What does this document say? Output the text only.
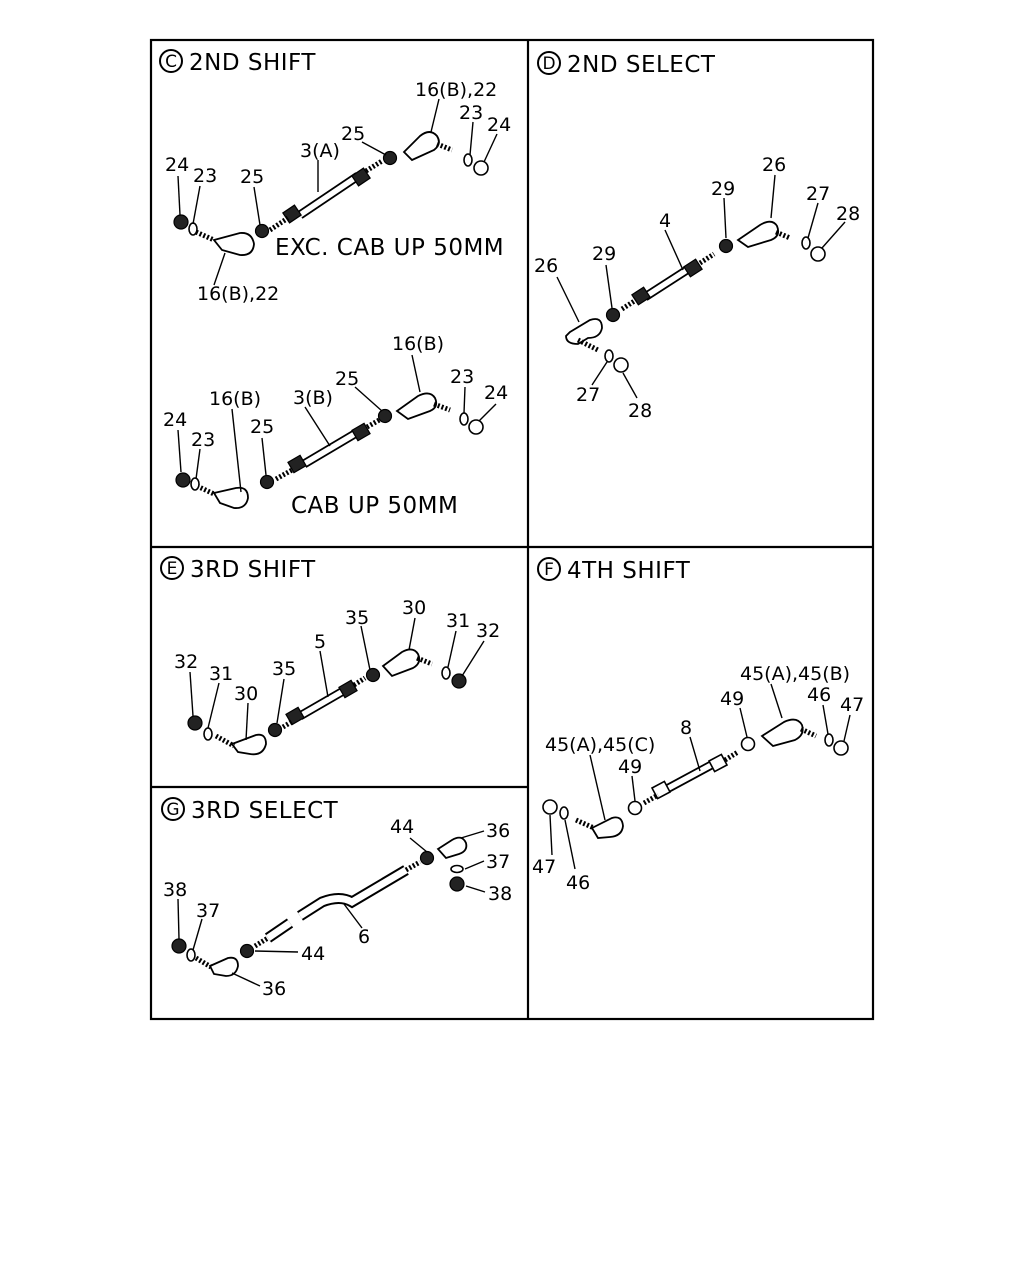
C 2ND SHIFT
16(B),22
23
24
25
3(A)
24 23 25
16(B),22
EXC. CAB UP 50MM
16(B)
23
24	25
3(B)
16(B)
24
23
25
CAB UP 50MM
D 2ND SELECT
26
27
28
29
4
29
26
27
28
E 3RD SHIFT
35 30
31 32
5
32
31
30
35
F 4TH SHIFT
45(A),45(B)
46 47
49
8
45(A),45(C)
49
47
46
G 3RD SELECT
44	36
37
38
38
37
44
6
36
